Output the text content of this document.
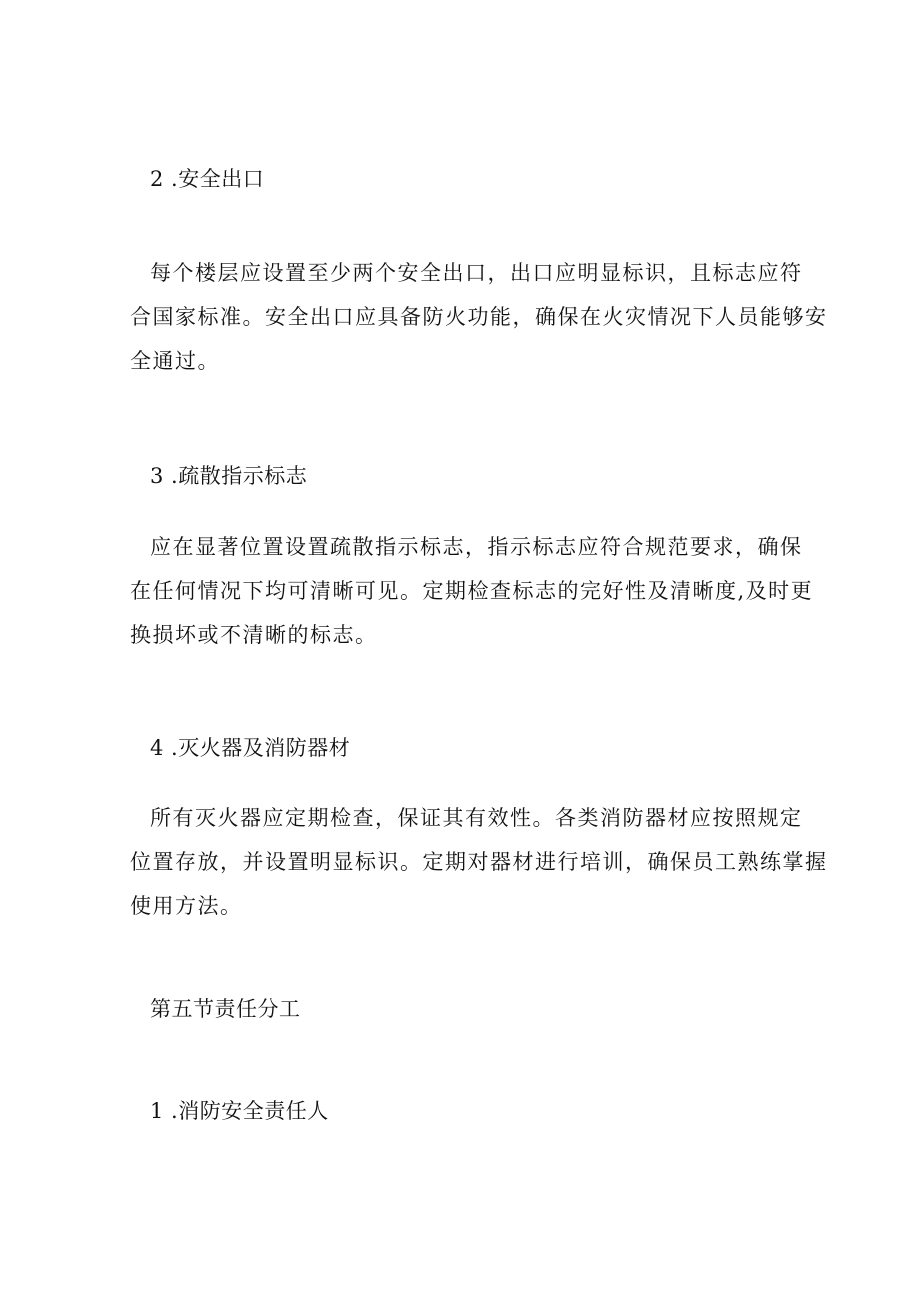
2 .安全出口
每个楼层应设置至少两个安全出口，出口应明显标识，且标志应符
合国家标准。安全出口应具备防火功能，确保在火灾情况下人员能够安
全通过。
3 .疏散指示标志
应在显著位置设置疏散指示标志，指示标志应符合规范要求，确保
在任何情况下均可清晰可见。定期检查标志的完好性及清晰度,及时更
换损坏或不清晰的标志。
4 .灭火器及消防器材
所有灭火器应定期检查，保证其有效性。各类消防器材应按照规定
位置存放，并设置明显标识。定期对器材进行培训，确保员工熟练掌握
使用方法。
第五节责任分工
1 .消防安全责任人
